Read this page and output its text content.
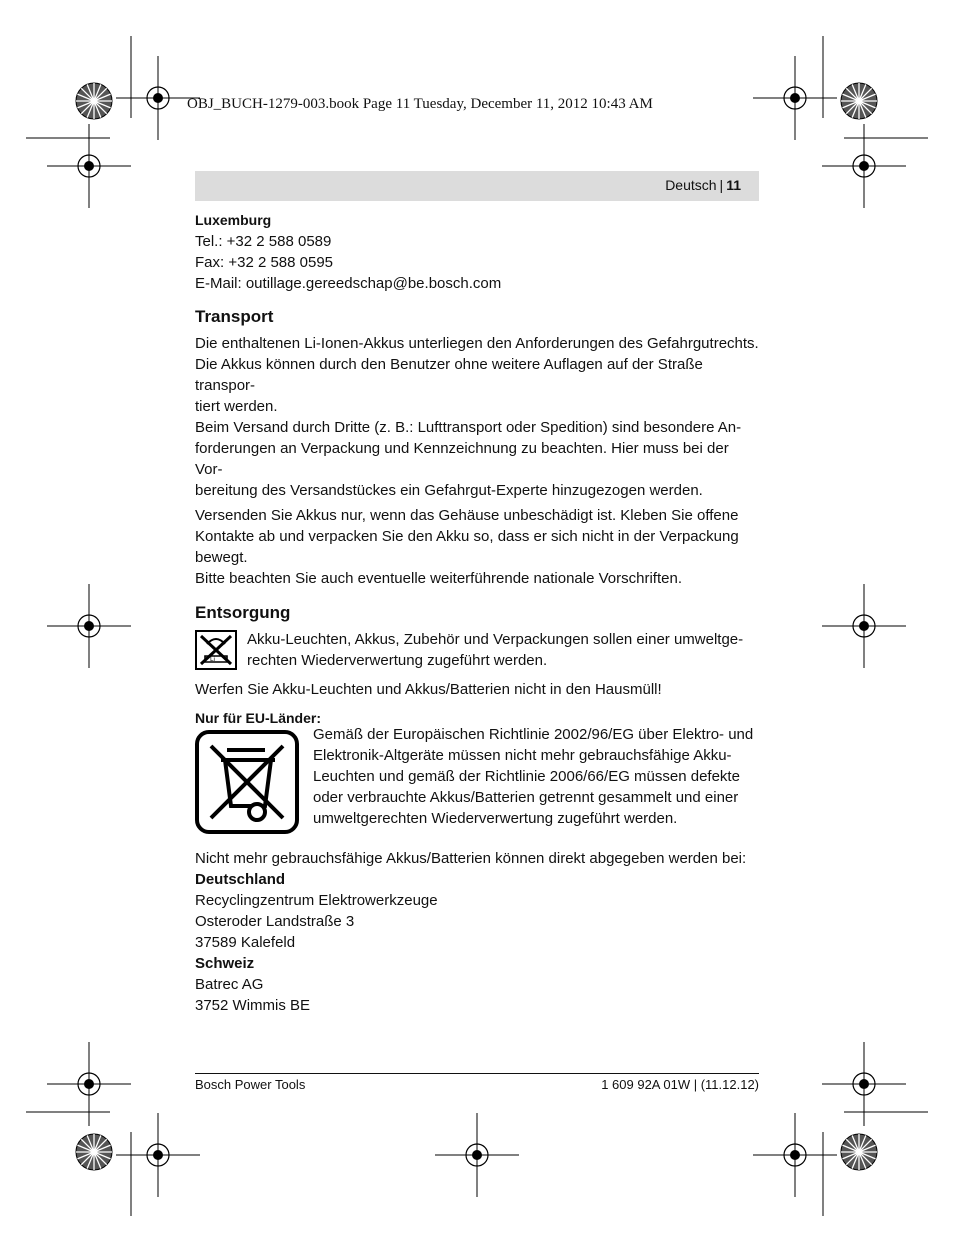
OBJ_BUCH-1279-003.book Page 11 Tuesday, December 11, 2012 10:43 AM
Deutsch | 11

Luxemburg

Tel.: +32 2 588 0589

Fax: +32 2 588 0595

E-Mail: outillage.gereedschap@be.bosch.com

Transport

Die enthaltenen Li-Ionen-Akkus unterliegen den Anforderungen des Gefahrgutrechts.

Die Akkus können durch den Benutzer ohne weitere Auflagen auf der Straße transpor-

tiert werden.

Beim Versand durch Dritte (z. B.: Lufttransport oder Spedition) sind besondere An-

forderungen an Verpackung und Kennzeichnung zu beachten. Hier muss bei der Vor-

bereitung des Versandstückes ein Gefahrgut-Experte hinzugezogen werden.

Versenden Sie Akkus nur, wenn das Gehäuse unbeschädigt ist. Kleben Sie offene

Kontakte ab und verpacken Sie den Akku so, dass er sich nicht in der Verpackung

bewegt.

Bitte beachten Sie auch eventuelle weiterführende nationale Vorschriften.

Entsorgung
Li

Akku-Leuchten, Akkus, Zubehör und Verpackungen sollen einer umweltge-

rechten Wiederverwertung zugeführt werden.

Werfen Sie Akku-Leuchten und Akkus/Batterien nicht in den Hausmüll!

Nur für EU-Länder:

Gemäß der Europäischen Richtlinie 2002/96/EG über Elektro- und

Elektronik-Altgeräte müssen nicht mehr gebrauchsfähige Akku-

Leuchten und gemäß der Richtlinie 2006/66/EG müssen defekte

oder verbrauchte Akkus/Batterien getrennt gesammelt und einer

umweltgerechten Wiederverwertung zugeführt werden.

Nicht mehr gebrauchsfähige Akkus/Batterien können direkt abgegeben werden bei:

Deutschland

Recyclingzentrum Elektrowerkzeuge

Osteroder Landstraße 3

37589 Kalefeld

Schweiz

Batrec AG

3752 Wimmis BE

Bosch Power Tools	1 609 92A 01W | (11.12.12)
